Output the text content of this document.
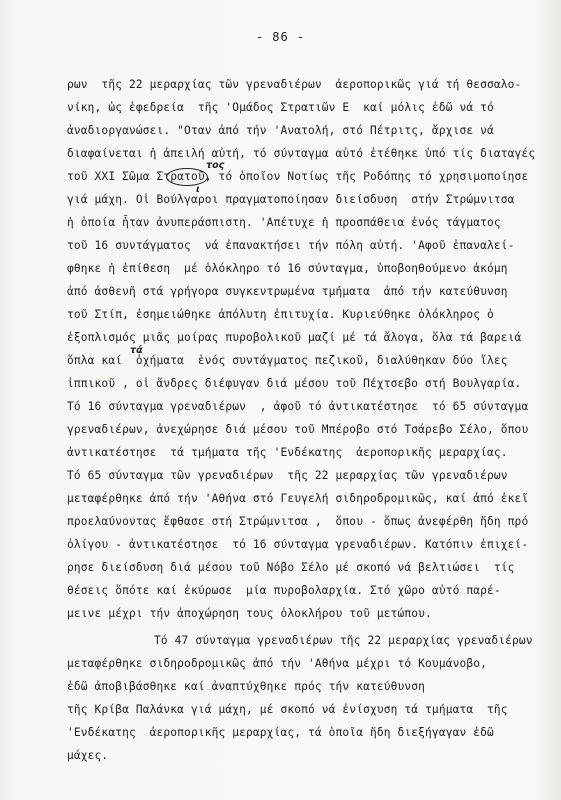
- 86 -
ρων  τῆς 22 μεραρχίας τῶν γρεναδιέρων  ἀεροπορικῶς γιά τή θεσσαλο-
νίκη, ὡς ἐφεδρεία  τῆς 'Ομάδος Στρατιῶν Ε  καί μόλις ἐδῶ νά τό
ἀναδιοργανώσει. "Οταν ἀπό τήν 'Ανατολή, στό Πέτριτς, ἄρχισε νά
διαφαίνεται ἡ ἀπειλή αὐτή, τό σύνταγμα αὐτό ἐτέθηκε ὑπό τίς διαταγές
τοῦ XXI Σῶμα Στρατοῦ, τό ὁποῖον Νοτίως τῆς Ροδόπης τό χρησιμοποίησε
γιά μάχη. Οἱ Βούλγαροι πραγματοποίησαν διείσδυση  στήν Στρώμνιτσα
ἡ ὁποία ἦταν ἀνυπεράσπιστη. 'Απέτυχε ἡ προσπάθεια ἑνός τάγματος
τοῦ 16 συντάγματος  νά ἐπανακτήσει τήν πόλη αὐτή. 'Αφοῦ ἐπαναλεί-
φθηκε ἡ ἐπίθεση  μέ ὁλόκληρο τό 16 σύνταγμα, ὑποβοηθούμενο ἀκόμη
ἀπό ἀσθενῆ στά γρήγορα συγκεντρωμένα τμήματα  ἀπό τήν κατεύθυνση
τοῦ Στίπ, ἐσημειώθηκε ἀπόλυτη ἐπιτυχία. Κυριεύθηκε ὁλόκληρος ὁ
ἐξοπλισμός μιᾶς μοίρας πυροβολικοῦ μαζί μέ τά ἄλογα, ὅλα τά βαρειά
ὅπλα καί  ὀχήματα  ἑνός συντάγματος πεζικοῦ, διαλύθηκαν δύο ἴλες
ἱππικοῦ , οἱ ἄνδρες διέφυγαν διά μέσου τοῦ Πέχτσεβο στή Βουλγαρία.
Τό 16 σύνταγμα γρεναδιέρων  , ἀφοῦ τό ἀντικατέστησε  τό 65 σύνταγμα
γρεναδιέρων, ἀνεχώρησε διά μέσου τοῦ Μπέροβο στό Τσάρεβο Σέλο, ὅπου
ἀντικατέστησε  τά τμήματα τῆς 'Ενδέκατης  ἀεροπορικῆς μεραρχίας.
Τό 65 σύνταγμα τῶν γρεναδιέρων  τῆς 22 μεραρχίας τῶν γρεναδιέρων
μεταφέρθηκε ἀπό τήν 'Αθήνα στό Γευγελή σιδηροδρομικῶς, καί ἀπό ἐκεῖ
προελαύνοντας ἔφθασε στή Στρώμνιτσα ,  ὅπου - ὅπως ἀνεφέρθη ἤδη πρό
ὀλίγου - ἀντικατέστησε  τό 16 σύνταγμα γρεναδιέρων. Κατόπιν ἐπιχεί-
ρησε διείσδυση διά μέσου τοῦ Νόβο Σέλο μέ σκοπό νά βελτιώσει  τίς
θέσεις ὅπότε καί ἐκύρωσε  μία πυροβολαρχία. Στό χῶρο αὐτό παρέ-
μεινε μέχρι τήν ἀποχώρηση τους ὁλοκλήρου τοῦ μετώπου.
Τό 47 σύνταγμα γρεναδιέρων τῆς 22 μεραρχίας γρεναδιέρων
μεταφέρθηκε σιδηροδρομικῶς ἀπό τήν 'Αθήνα μέχρι τό Κουμάνοβο,
ἐδῶ ἀποβιβάσθηκε καί ἀναπτύχθηκε πρός τήν κατεύθυνση
τῆς Κρίβα Παλάνκα γιά μάχη, μέ σκοπό νά ἐνίσχυση τά τμήματα  τῆς
'Ενδέκατης  ἀεροπορικῆς μεραρχίας, τά ὁποῖα ἤδη διεξήγαγαν ἐδῶ
μάχες.
τος
ι
τά
